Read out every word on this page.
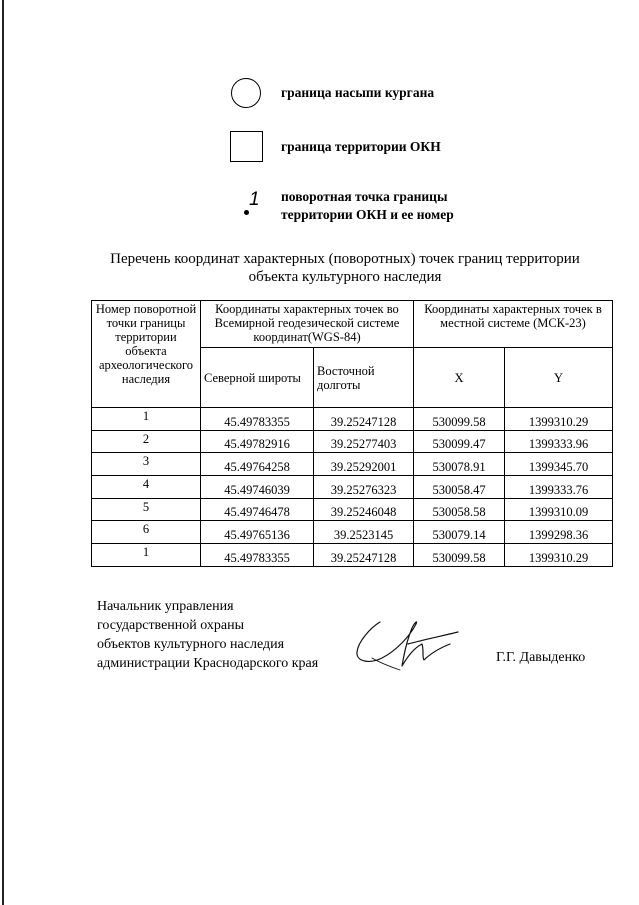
граница насыпи кургана
граница территории ОКН
1 поворотная точка границы
территории ОКН и ее номер
Перечень координат характерных (поворотных) точек границ территории
объекта культурного наследия
Номер поворотной точки границы территории объекта археологического наследия	Координаты характерных точек во Всемирной геодезической системе координат(WGS-84)		Координаты характерных точек в местной системе (МСК-23)	
	Северной широты	Восточной долготы	X	Y
1	45.49783355	39.25247128	530099.58	1399310.29
2	45.49782916	39.25277403	530099.47	1399333.96
3	45.49764258	39.25292001	530078.91	1399345.70
4	45.49746039	39.25276323	530058.47	1399333.76
5	45.49746478	39.25246048	530058.58	1399310.09
6	45.49765136	39.2523145	530079.14	1399298.36
1	45.49783355	39.25247128	530099.58	1399310.29
Начальник управления
государственной охраны
объектов культурного наследия
администрации Краснодарского края	Г.Г. Давыденко
